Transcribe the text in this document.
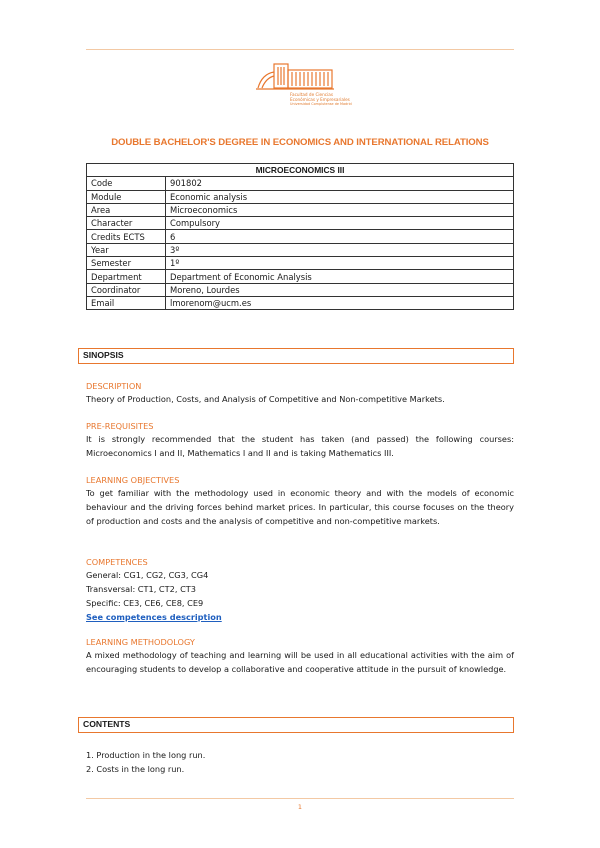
Facultad de Ciencias
Económicas y Empresariales
Universidad Complutense de Madrid
DOUBLE BACHELOR'S DEGREE IN ECONOMICS AND INTERNATIONAL RELATIONS
MICROECONOMICS III	
Code	901802
Module	Economic analysis
Area	Microeconomics
Character	Compulsory
Credits ECTS	6
Year	3º
Semester	1º
Department	Department of Economic Analysis
Coordinator	Moreno, Lourdes
Email	lmorenom@ucm.es
SINOPSIS
DESCRIPTION
Theory of Production, Costs, and Analysis of Competitive and Non-competitive Markets.
PRE-REQUISITES
It is strongly recommended that the student has taken (and passed) the following courses: Microeconomics I and II, Mathematics I and II and is taking Mathematics III.
LEARNING OBJECTIVES
To get familiar with the methodology used in economic theory and with the models of economic behaviour and the driving forces behind market prices. In particular, this course focuses on the theory of production and costs and the analysis of competitive and non-competitive markets.
COMPETENCES
General: CG1, CG2, CG3, CG4
Transversal: CT1, CT2, CT3
Specific: CE3, CE6, CE8, CE9
See competences description
LEARNING METHODOLOGY
A mixed methodology of teaching and learning will be used in all educational activities with the aim of encouraging students to develop a collaborative and cooperative attitude in the pursuit of knowledge.
CONTENTS
1. Production in the long run.
2. Costs in the long run.
1
